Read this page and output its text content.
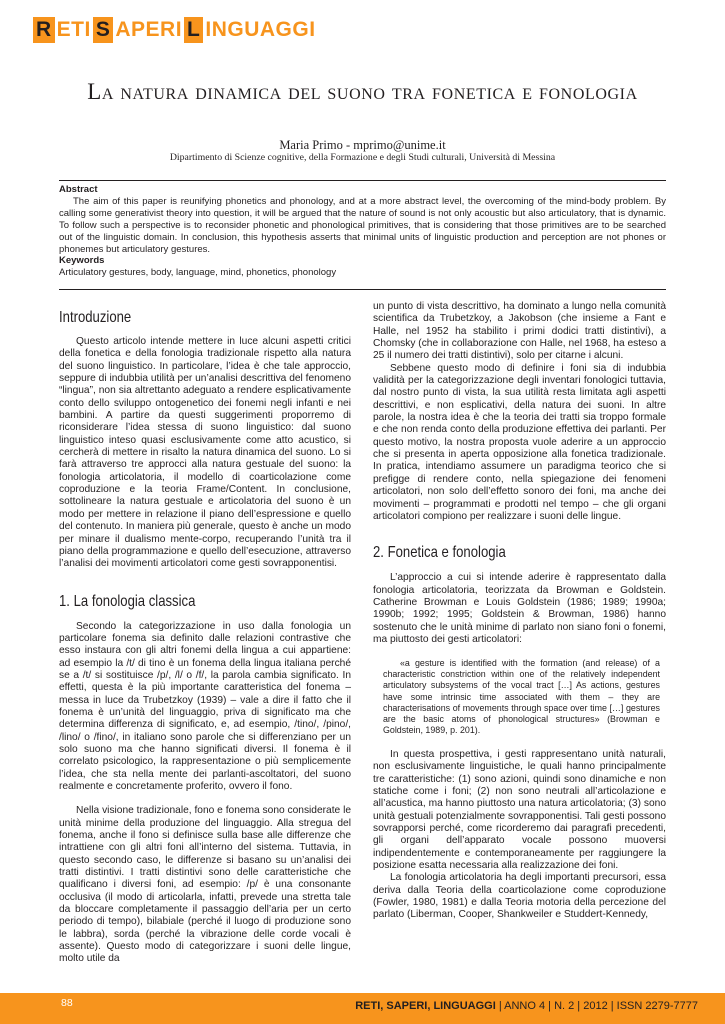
R ETI S APERI L INGUAGGI
La natura dinamica del suono tra fonetica e fonologia
Maria Primo - mprimo@unime.it
Dipartimento di Scienze cognitive, della Formazione e degli Studi culturali, Università di Messina
Abstract

The aim of this paper is reunifying phonetics and phonology, and at a more abstract level, the overcoming of the mind-body problem. By calling some generativist theory into question, it will be argued that the nature of sound is not only acoustic but also articulatory, that is dynamic. To follow such a perspective is to reconsider phonetic and phonological primitives, that is considering that those primitives are to be searched out of the linguistic domain. In conclusion, this hypothesis asserts that minimal units of linguistic production and perception are not phones or phonemes but articulatory gestures.

Keywords
Articulatory gestures, body, language, mind, phonetics, phonology
Introduzione

Questo articolo intende mettere in luce alcuni aspetti critici della fonetica e della fonologia tradizionale rispetto alla natura del suono linguistico. In particolare, l’idea è che tale approccio, seppure di indubbia utilità per un’analisi descrittiva del fenomeno “lingua”, non sia altrettanto adeguato a rendere esplicativamente conto dello sviluppo ontogenetico dei fonemi negli infanti e nei bambini. A partire da questi suggerimenti proporremo di riconsiderare l’idea stessa di suono linguistico: dal suono linguistico inteso quasi esclusivamente come atto acustico, si cercherà di mettere in risalto la natura dinamica del suono. Lo si farà attraverso tre approcci alla natura gestuale del suono: la fonologia articolatoria, il modello di coarticolazione come coproduzione e la teoria Frame/Content. In conclusione, sottolineare la natura gestuale e articolatoria del suono è un modo per mettere in relazione il piano dell’espressione e quello del contenuto. In maniera più generale, questo è anche un modo per minare il dualismo mente-corpo, recuperando l’unità tra il piano della programmazione e quello dell’esecuzione, attraverso l’analisi dei movimenti articolatori come gesti sovrapponentisi.

1. La fonologia classica

Secondo la categorizzazione in uso dalla fonologia un particolare fonema sia definito dalle relazioni contrastive che esso instaura con gli altri fonemi della lingua a cui appartiene: ad esempio la /t/ di tino è un fonema della lingua italiana perché se a /t/ si sostituisce /p/, /l/ o /f/, la parola cambia significato. In effetti, questa è la più importante caratteristica del fonema – messa in luce da Trubetzkoy (1939) – vale a dire il fatto che il fonema è un’unità del linguaggio, priva di significato ma che determina differenza di significato, e, ad esempio, /tino/, /pino/, /lino/ o /fino/, in italiano sono parole che si differenziano per un solo suono ma che hanno significati diversi. Il fonema è il correlato psicologico, la rappresentazione o più semplicemente l’idea, che sta nella mente dei parlanti-ascoltatori, del suono realmente e concretamente proferito, ovvero il fono.

Nella visione tradizionale, fono e fonema sono considerate le unità minime della produzione del linguaggio. Alla stregua del fonema, anche il fono si definisce sulla base alle differenze che intrattiene con gli altri foni all’interno del sistema. Tuttavia, in questo secondo caso, le differenze si basano su un’analisi dei tratti distintivi. I tratti distintivi sono delle caratteristiche che qualificano i diversi foni, ad esempio: /p/ è una consonante occlusiva (il modo di articolarla, infatti, prevede una stretta tale da bloccare completamente il passaggio dell’aria per un certo periodo di tempo), bilabiale (perché il luogo di produzione sono le labbra), sorda (perché la vibrazione delle corde vocali è assente). Questo modo di categorizzare i suoni delle lingue, molto utile da

un punto di vista descrittivo, ha dominato a lungo nella comunità scientifica da Trubetzkoy, a Jakobson (che insieme a Fant e Halle, nel 1952 ha stabilito i primi dodici tratti distintivi), a Chomsky (che in collaborazione con Halle, nel 1968, ha esteso a 25 il numero dei tratti distintivi), solo per citarne i alcuni.

Sebbene questo modo di definire i foni sia di indubbia validità per la categorizzazione degli inventari fonologici tuttavia, dal nostro punto di vista, la sua utilità resta limitata agli aspetti descrittivi, e non esplicativi, della natura dei suoni. In altre parole, la nostra idea è che la teoria dei tratti sia troppo formale e che non renda conto della produzione effettiva dei parlanti. Per questo motivo, la nostra proposta vuole aderire a un approccio che si presenta in aperta opposizione alla fonetica tradizionale. In pratica, intendiamo assumere un paradigma teorico che si prefigge di rendere conto, nella spiegazione dei fenomeni articolatori, non solo dell’effetto sonoro dei foni, ma anche dei movimenti – programmati e prodotti nel tempo – che gli organi articolatori compiono per realizzare i suoni delle lingue.

2. Fonetica e fonologia

L’approccio a cui si intende aderire è rappresentato dalla fonologia articolatoria, teorizzata da Browman e Goldstein. Catherine Browman e Louis Goldstein (1986; 1989; 1990a; 1990b; 1992; 1995; Goldstein & Browman, 1986) hanno sostenuto che le unità minime di parlato non siano foni o fonemi, ma piuttosto dei gesti articolatori:

«a gesture is identified with the formation (and release) of a characteristic constriction within one of the relatively independent articulatory subsystems of the vocal tract […] As actions, gestures have some intrinsic time associated with them – they are characterisations of movements through space over time […] gestures are the basic atoms of phonological structures» (Browman e Goldstein, 1989, p. 201).

In questa prospettiva, i gesti rappresentano unità naturali, non esclusivamente linguistiche, le quali hanno principalmente tre caratteristiche: (1) sono azioni, quindi sono dinamiche e non statiche come i foni; (2) non sono neutrali all’articolazione e all’acustica, ma hanno piuttosto una natura articolatoria; (3) sono unità gestuali potenzialmente sovrapponentisi. Tali gesti possono sovrapporsi perché, come ricorderemo dai paragrafi precedenti, gli organi dell’apparato vocale possono muoversi indipendentemente e contemporaneamente per raggiungere la posizione esatta necessaria alla realizzazione dei foni.

La fonologia articolatoria ha degli importanti precursori, essa deriva dalla Teoria della coarticolazione come coproduzione (Fowler, 1980, 1981) e dalla Teoria motoria della percezione del parlato (Liberman, Cooper, Shankweiler e Studdert-Kennedy,

88	RETI, SAPERI, LINGUAGGI | ANNO 4 | N. 2 | 2012 | ISSN 2279-7777
